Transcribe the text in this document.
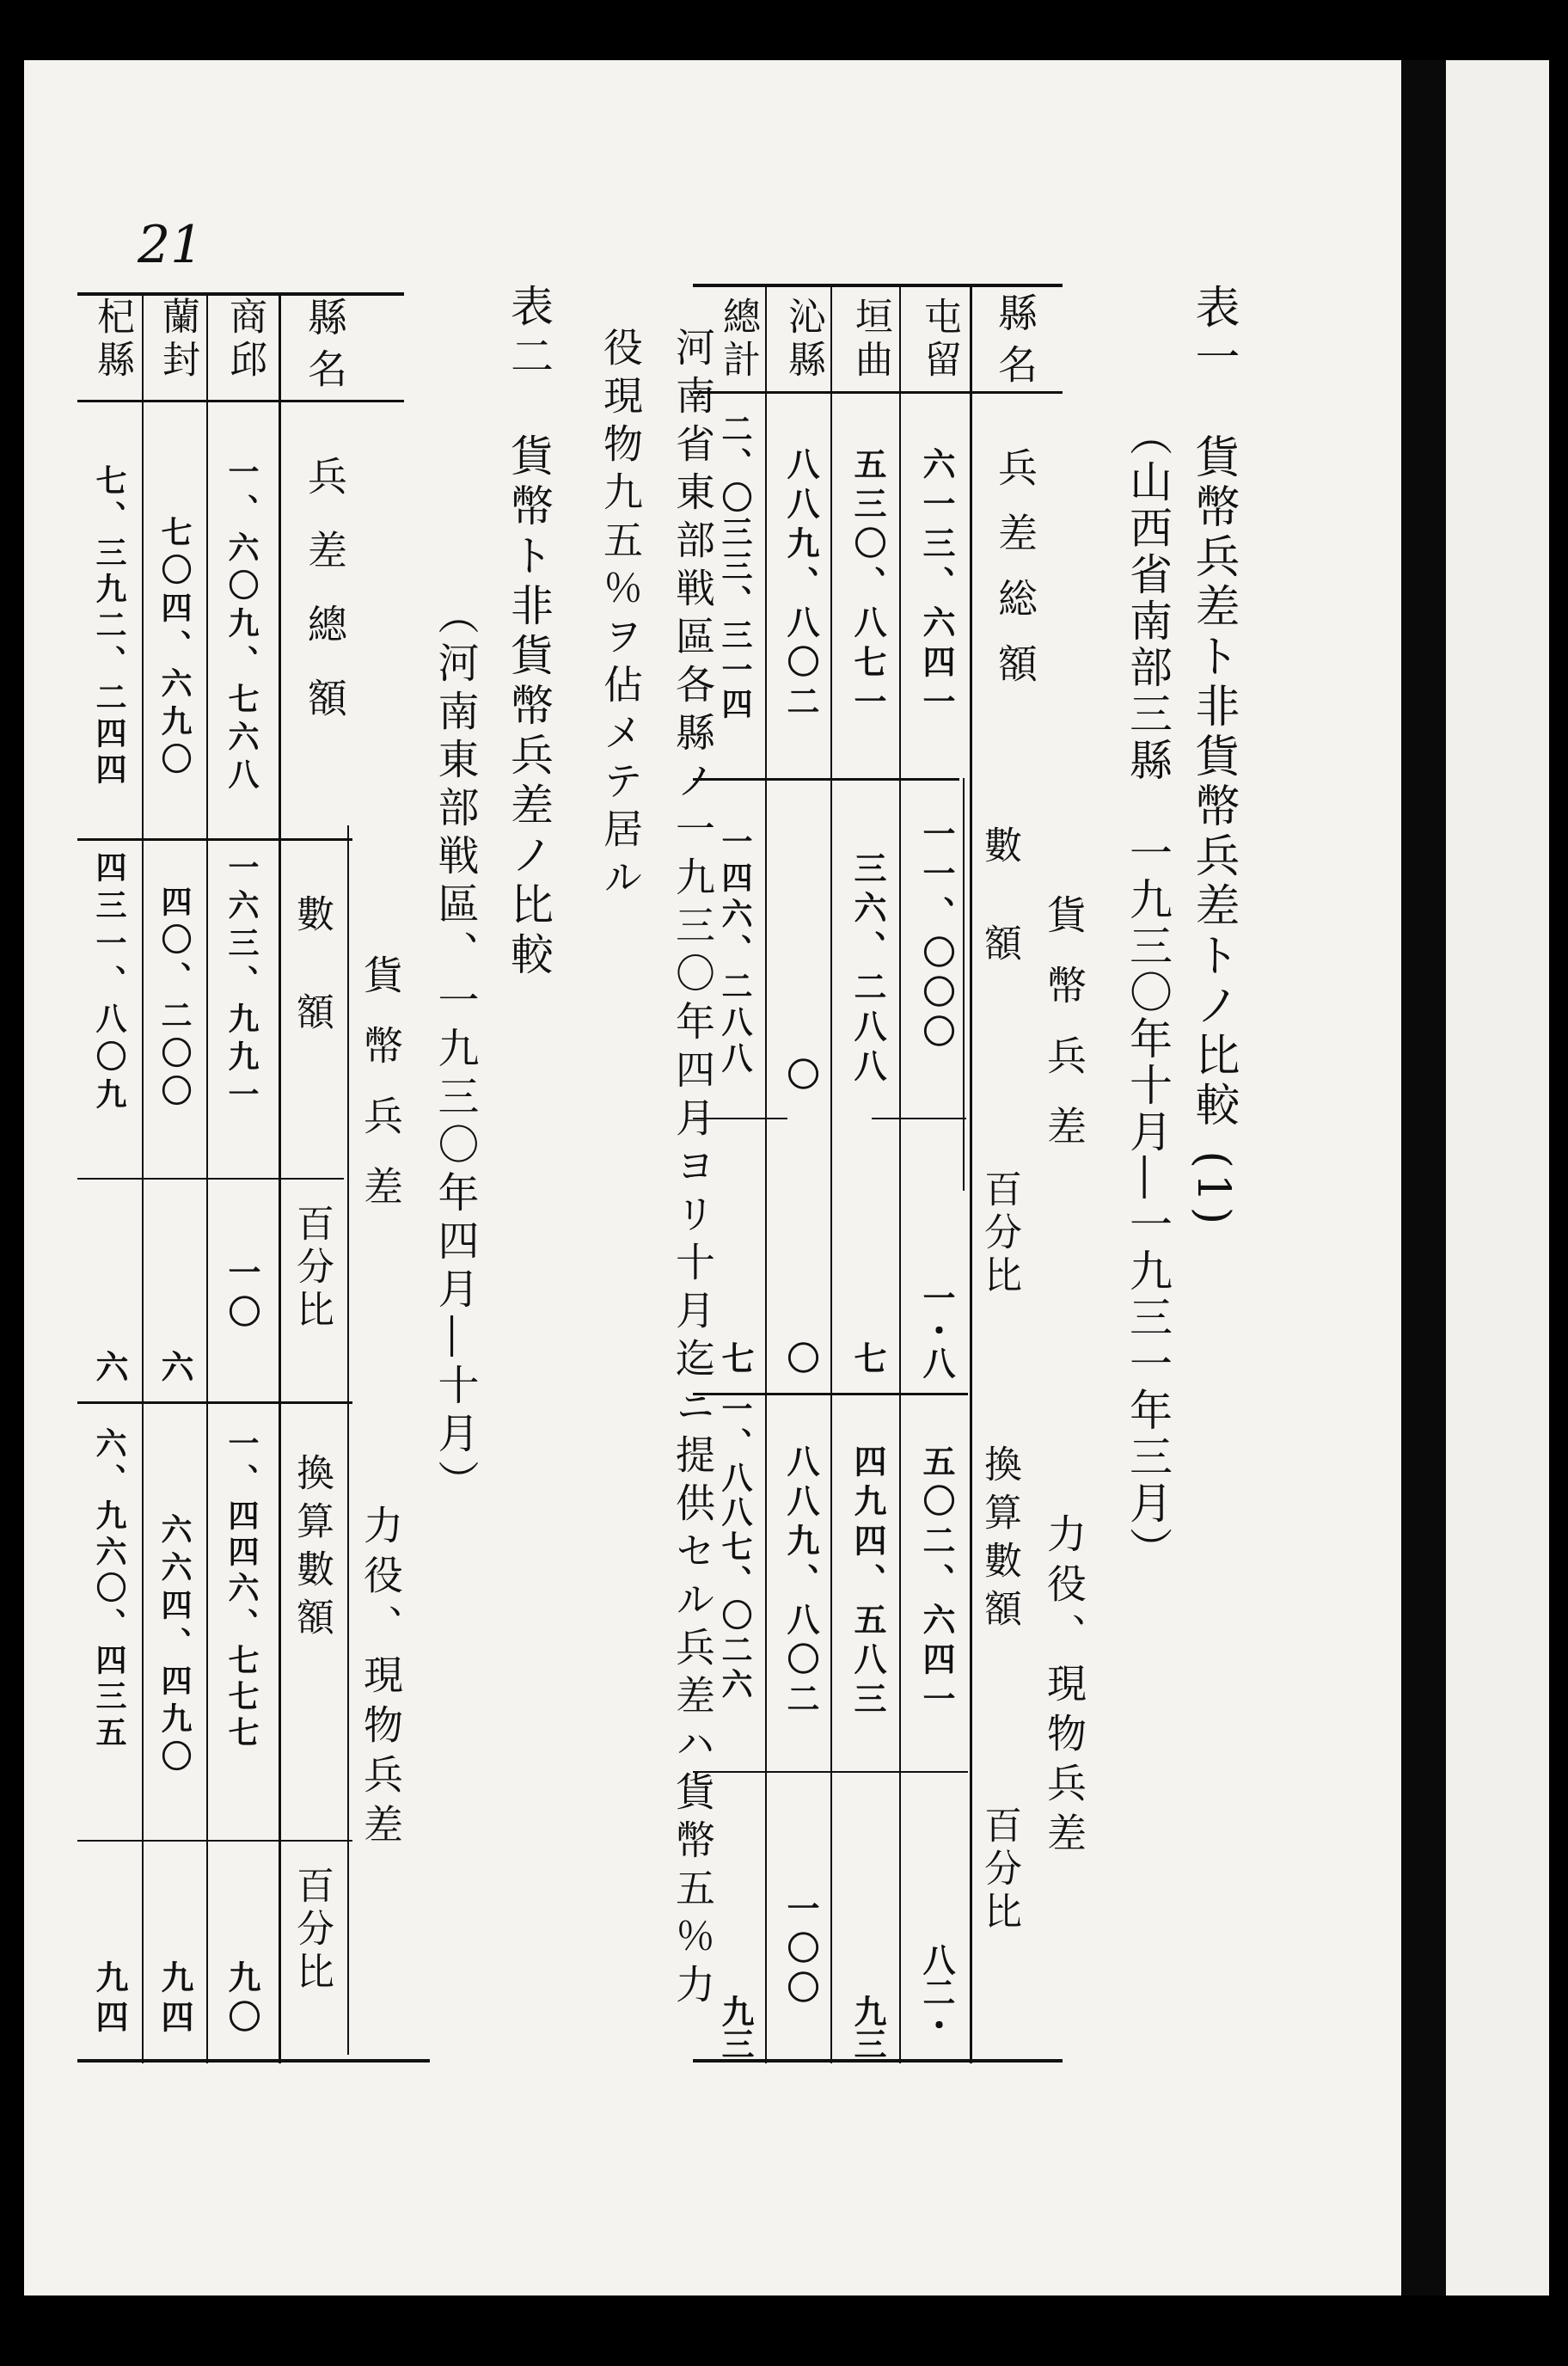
21
表一　貨幣兵差ト非貨幣兵差トノ比較 (1)
（山西省南部三縣　一九三〇年十月―一九三一年三月）
縣名
兵差総額
貨幣兵差
數額
百分比
力役、現物兵差
換算數額
百分比
屯留
六一三、六四一
一一、〇〇〇
一・八
五〇二、六四一
八二・
垣曲
五三〇、八七一
三六、二八八
七
四九四、五八三
九三
沁縣
八八九、八〇二
〇
〇
八八九、八〇二
一〇〇
總計
二、〇三三、三一四
一四六、二八八
七
一、八八七、〇二六
九三
河南省東部戦區各縣ノ一九三〇年四月ヨリ十月迄ニ提供セル兵差ハ貨幣五％力役現物九五％ヲ佔メテ居ル
表二　貨幣ト非貨幣兵差ノ比較
（河南東部戦區、一九三〇年四月―十月）
縣名
兵差總額
貨幣兵差
數額
百分比
力役、現物兵差
換算數額
百分比
商邱
一、六〇九、七六八
一六三、九九一
一〇
一、四四六、七七七
九〇
蘭封
七〇四、六九〇
四〇、二〇〇
六
六六四、四九〇
九四
杞縣
七、三九二、二四四
四三一、八〇九
六
六、九六〇、四三五
九四
